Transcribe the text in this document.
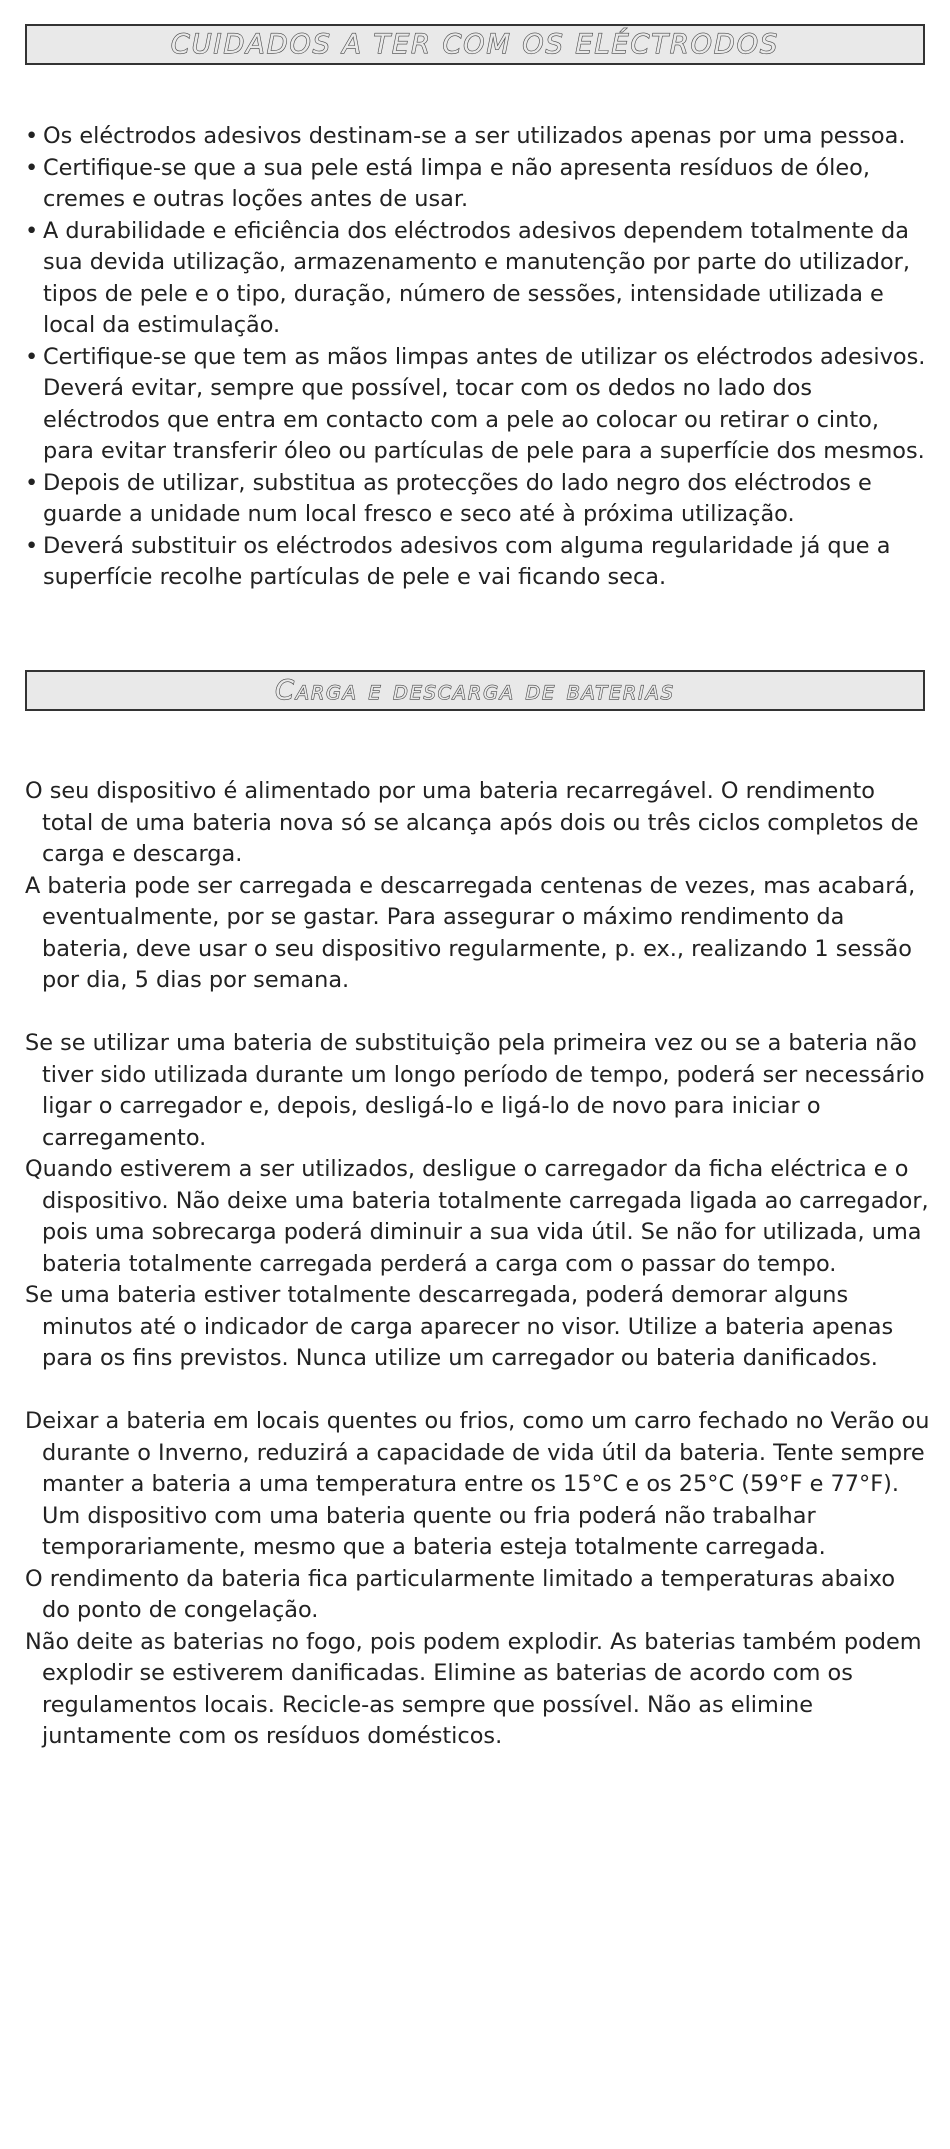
CUIDADOS A TER COM OS ELÉCTRODOS

• Os eléctrodos adesivos destinam-se a ser utilizados apenas por uma pessoa.

• Certifique-se que a sua pele está limpa e não apresenta resíduos de óleo, cremes e outras loções antes de usar.

• A durabilidade e eficiência dos eléctrodos adesivos dependem totalmente da sua devida utilização, armazenamento e manutenção por parte do utilizador, tipos de pele e o tipo, duração, número de sessões, intensidade utilizada e local da estimulação.

• Certifique-se que tem as mãos limpas antes de utilizar os eléctrodos adesivos. Deverá evitar, sempre que possível, tocar com os dedos no lado dos eléctrodos que entra em contacto com a pele ao colocar ou retirar o cinto, para evitar transferir óleo ou partículas de pele para a superfície dos mesmos.

• Depois de utilizar, substitua as protecções do lado negro dos eléctrodos e guarde a unidade num local fresco e seco até à próxima utilização.

• Deverá substituir os eléctrodos adesivos com alguma regularidade já que a superfície recolhe partículas de pele e vai ficando seca.

Carga e descarga de baterias

O seu dispositivo é alimentado por uma bateria recarregável. O rendimento total de uma bateria nova só se alcança após dois ou três ciclos completos de carga e descarga.

A bateria pode ser carregada e descarregada centenas de vezes, mas acabará, eventualmente, por se gastar. Para assegurar o máximo rendimento da bateria, deve usar o seu dispositivo regularmente, p. ex., realizando 1 sessão por dia, 5 dias por semana.

Se se utilizar uma bateria de substituição pela primeira vez ou se a bateria não tiver sido utilizada durante um longo período de tempo, poderá ser necessário ligar o carregador e, depois, desligá-lo e ligá-lo de novo para iniciar o carregamento.

Quando estiverem a ser utilizados, desligue o carregador da ficha eléctrica e o dispositivo. Não deixe uma bateria totalmente carregada ligada ao carregador, pois uma sobrecarga poderá diminuir a sua vida útil. Se não for utilizada, uma bateria totalmente carregada perderá a carga com o passar do tempo.

Se uma bateria estiver totalmente descarregada, poderá demorar alguns minutos até o indicador de carga aparecer no visor. Utilize a bateria apenas para os fins previstos. Nunca utilize um carregador ou bateria danificados.

Deixar a bateria em locais quentes ou frios, como um carro fechado no Verão ou durante o Inverno, reduzirá a capacidade de vida útil da bateria. Tente sempre manter a bateria a uma temperatura entre os 15°C e os 25°C (59°F e 77°F). Um dispositivo com uma bateria quente ou fria poderá não trabalhar temporariamente, mesmo que a bateria esteja totalmente carregada.

O rendimento da bateria fica particularmente limitado a temperaturas abaixo do ponto de congelação.

Não deite as baterias no fogo, pois podem explodir. As baterias também podem explodir se estiverem danificadas. Elimine as baterias de acordo com os regulamentos locais. Recicle-as sempre que possível. Não as elimine juntamente com os resíduos domésticos.
